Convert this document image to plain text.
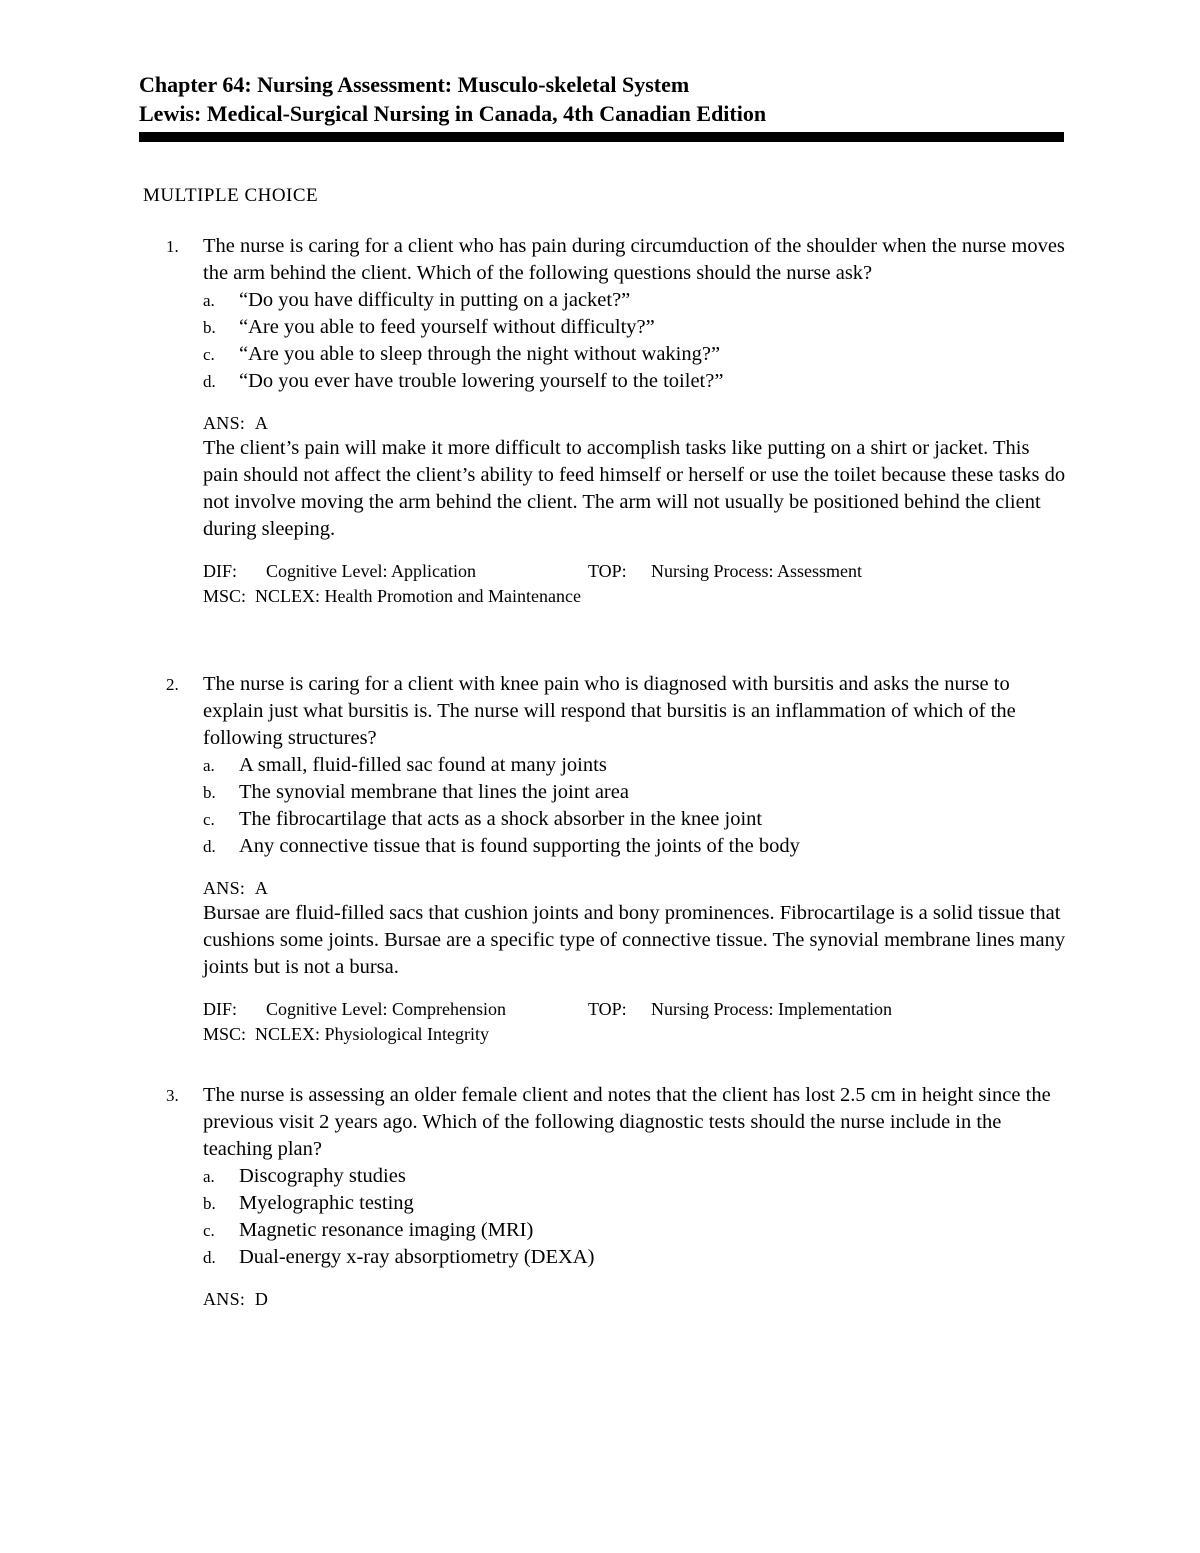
Chapter 64: Nursing Assessment: Musculo-skeletal System
Lewis: Medical-Surgical Nursing in Canada, 4th Canadian Edition
MULTIPLE CHOICE
1. The nurse is caring for a client who has pain during circumduction of the shoulder when the nurse moves the arm behind the client. Which of the following questions should the nurse ask?
a. “Do you have difficulty in putting on a jacket?”
b. “Are you able to feed yourself without difficulty?”
c. “Are you able to sleep through the night without waking?”
d. “Do you ever have trouble lowering yourself to the toilet?”
ANS: A
The client’s pain will make it more difficult to accomplish tasks like putting on a shirt or jacket. This pain should not affect the client’s ability to feed himself or herself or use the toilet because these tasks do not involve moving the arm behind the client. The arm will not usually be positioned behind the client during sleeping.
DIF: Cognitive Level: Application	TOP: Nursing Process: Assessment
MSC: NCLEX: Health Promotion and Maintenance
2. The nurse is caring for a client with knee pain who is diagnosed with bursitis and asks the nurse to explain just what bursitis is. The nurse will respond that bursitis is an inflammation of which of the following structures?
a. A small, fluid-filled sac found at many joints
b. The synovial membrane that lines the joint area
c. The fibrocartilage that acts as a shock absorber in the knee joint
d. Any connective tissue that is found supporting the joints of the body
ANS: A
Bursae are fluid-filled sacs that cushion joints and bony prominences. Fibrocartilage is a solid tissue that cushions some joints. Bursae are a specific type of connective tissue. The synovial membrane lines many joints but is not a bursa.
DIF: Cognitive Level: Comprehension	TOP: Nursing Process: Implementation
MSC: NCLEX: Physiological Integrity
3. The nurse is assessing an older female client and notes that the client has lost 2.5 cm in height since the previous visit 2 years ago. Which of the following diagnostic tests should the nurse include in the teaching plan?
a. Discography studies
b. Myelographic testing
c. Magnetic resonance imaging (MRI)
d. Dual-energy x-ray absorptiometry (DEXA)
ANS: D
